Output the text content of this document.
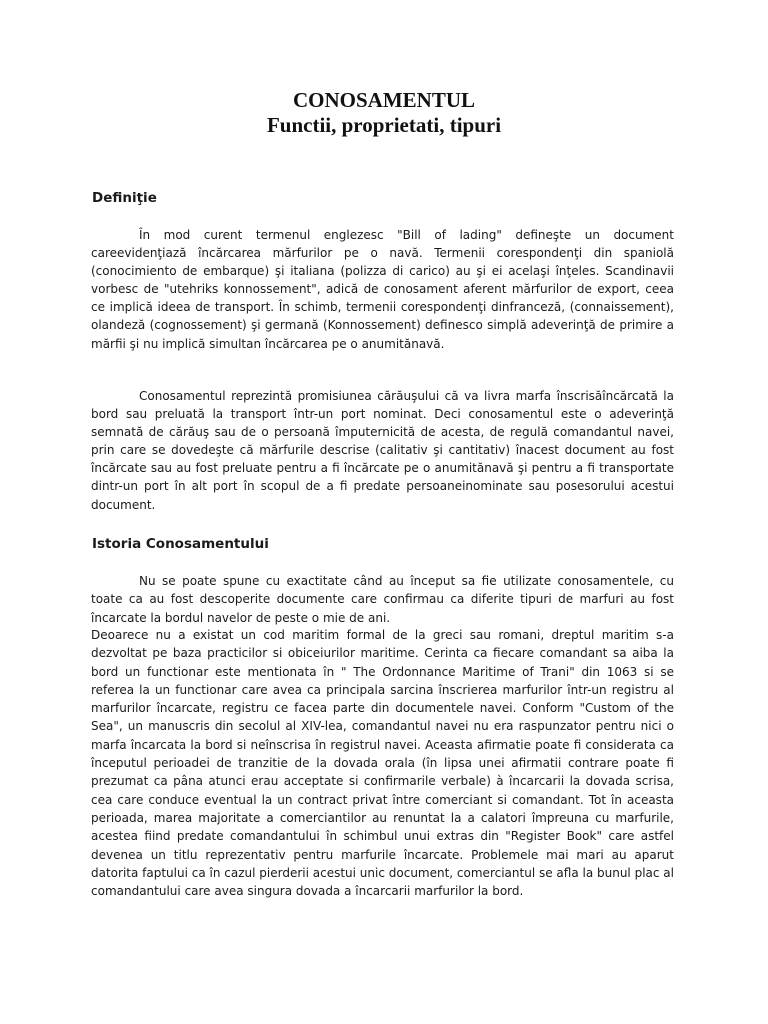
CONOSAMENTUL
Functii, proprietati, tipuri
Definiţie

În mod curent termenul englezesc "Bill of lading" defineşte un document careevidenţiază încărcarea mărfurilor pe o navă. Termenii corespondenţi din spaniolă (conocimiento de embarque) şi italiana (polizza di carico) au şi ei acelaşi înţeles. Scandinavii vorbesc de "utehriks konnossement", adică de conosament aferent mărfurilor de export, ceea ce implică ideea de transport. În schimb, termenii corespondenţi dinfranceză, (connaissement), olandeză (cognossement) şi germană (Konnossement) definesco simplă adeverinţă de primire a mărfii şi nu implică simultan încărcarea pe o anumitănavă.

Conosamentul reprezintă promisiunea cărăuşului că va livra marfa înscrisăîncărcată la bord sau preluată la transport într-un port nominat. Deci conosamentul este o adeverinţă semnată de cărăuş sau de o persoană împuternicită de acesta, de regulă comandantul navei, prin care se dovedeşte că mărfurile descrise (calitativ şi cantitativ) înacest document au fost încărcate sau au fost preluate pentru a fi încărcate pe o anumitănavă şi pentru a fi transportate dintr-un port în alt port în scopul de a fi predate persoaneinominate sau posesorului acestui document.

Istoria Conosamentului

Nu se poate spune cu exactitate când au început sa fie utilizate conosamentele, cu toate ca au fost descoperite documente care confirmau ca diferite tipuri de marfuri au fost încarcate la bordul navelor de peste o mie de ani.

Deoarece nu a existat un cod maritim formal de la greci sau romani, dreptul maritim s-a dezvoltat pe baza practicilor si obiceiurilor maritime. Cerinta ca fiecare comandant sa aiba la bord un functionar este mentionata în " The Ordonnance Maritime of Trani" din 1063 si se referea la un functionar care avea ca principala sarcina înscrierea marfurilor într-un registru al marfurilor încarcate, registru ce facea parte din documentele navei. Conform "Custom of the Sea", un manuscris din secolul al XIV-lea, comandantul navei nu era raspunzator pentru nici o marfa încarcata la bord si neînscrisa în registrul navei. Aceasta afirmatie poate fi considerata ca începutul perioadei de tranzitie de la dovada orala (în lipsa unei afirmatii contrare poate fi prezumat ca pâna atunci erau acceptate si confirmarile verbale) à încarcarii la dovada scrisa, cea care conduce eventual la un contract privat între comerciant si comandant. Tot în aceasta perioada, marea majoritate a comerciantilor au renuntat la a calatori împreuna cu marfurile, acestea fiind predate comandantului în schimbul unui extras din "Register Book" care astfel devenea un titlu reprezentativ pentru marfurile încarcate. Problemele mai mari au aparut datorita faptului ca în cazul pierderii acestui unic document, comerciantul se afla la bunul plac al comandantului care avea singura dovada a încarcarii marfurilor la bord.
